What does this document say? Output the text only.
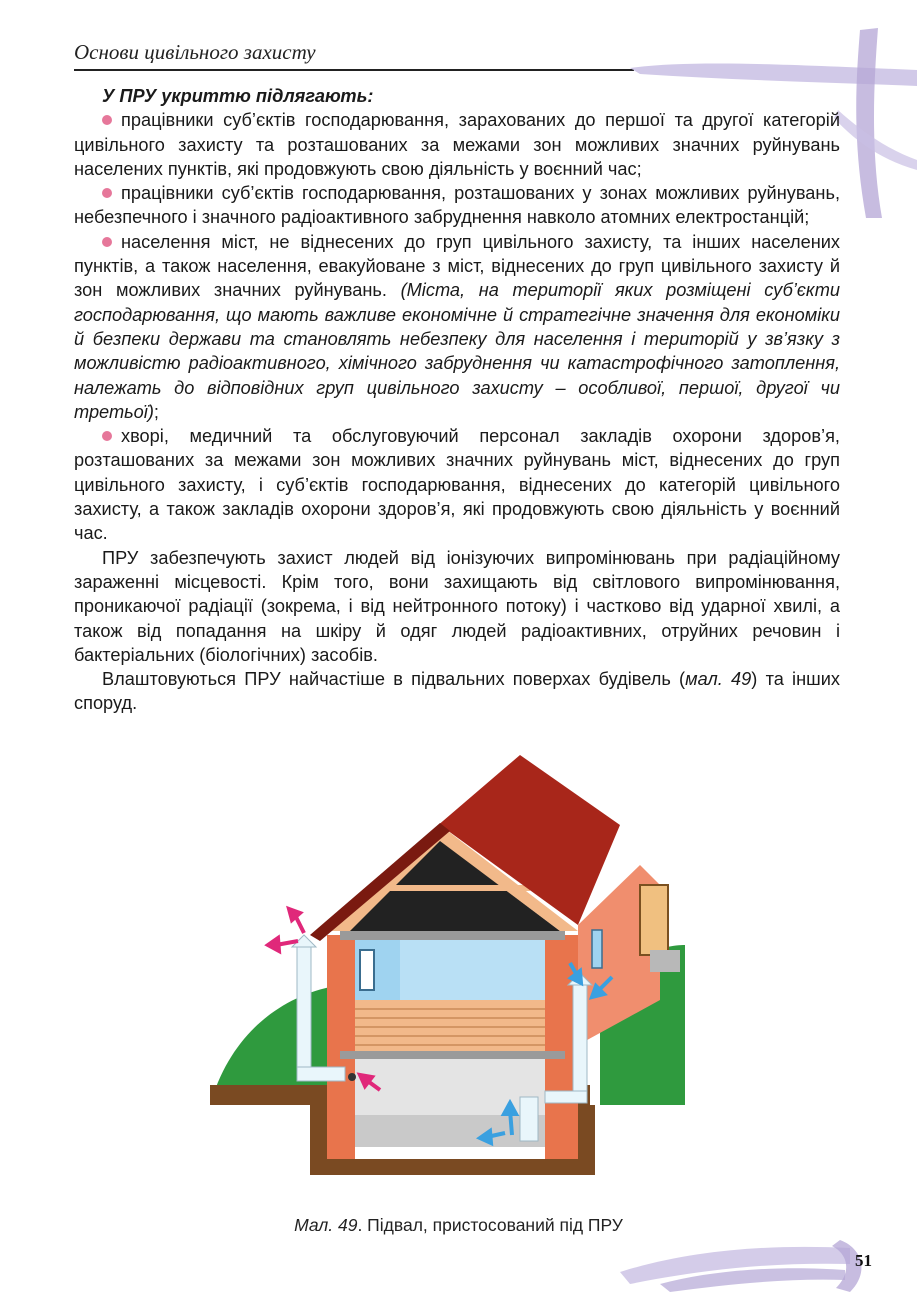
Основи цивільного захисту

У ПРУ укриттю підлягають:

працівники суб’єктів господарювання, зарахованих до першої та другої категорій цивільного захисту та розташованих за межами зон можливих значних руйнувань населених пунктів, які продовжують свою діяльність у воєнний час;

працівники суб’єктів господарювання, розташованих у зонах можливих руйнувань, небезпечного і значного радіоактивного забруднення навколо атомних електростанцій;

населення міст, не віднесених до груп цивільного захисту, та інших населених пунктів, а також населення, евакуйоване з міст, віднесених до груп цивільного захисту й зон можливих значних руйнувань. (Міста, на території яких розміщені суб’єкти господарювання, що мають важливе економічне й стратегічне значення для економіки й безпеки держави та становлять небезпеку для населення і територій у зв’язку з можливістю радіоактивного, хімічного забруднення чи катастрофічного затоплення, належать до відповідних груп цивільного захисту – особливої, першої, другої чи третьої);

хворі, медичний та обслуговуючий персонал закладів охорони здоров’я, розташованих за межами зон можливих значних руйнувань міст, віднесених до груп цивільного захисту, і суб’єктів господарювання, віднесених до категорій цивільного захисту, а також закладів охорони здоров’я, які продовжують свою діяльність у воєнний час.

ПРУ забезпечують захист людей від іонізуючих випромінювань при радіаційному зараженні місцевості. Крім того, вони захищають від світлового випромінювання, проникаючої радіації (зокрема, і від нейтронного потоку) і частково від ударної хвилі, а також від попадання на шкіру й одяг людей радіоактивних, отруйних речовин і бактеріальних (біологічних) засобів.

Влаштовуються ПРУ найчастіше в підвальних поверхах будівель (мал. 49) та інших споруд.

Мал. 49. Підвал, пристосований під ПРУ
51
